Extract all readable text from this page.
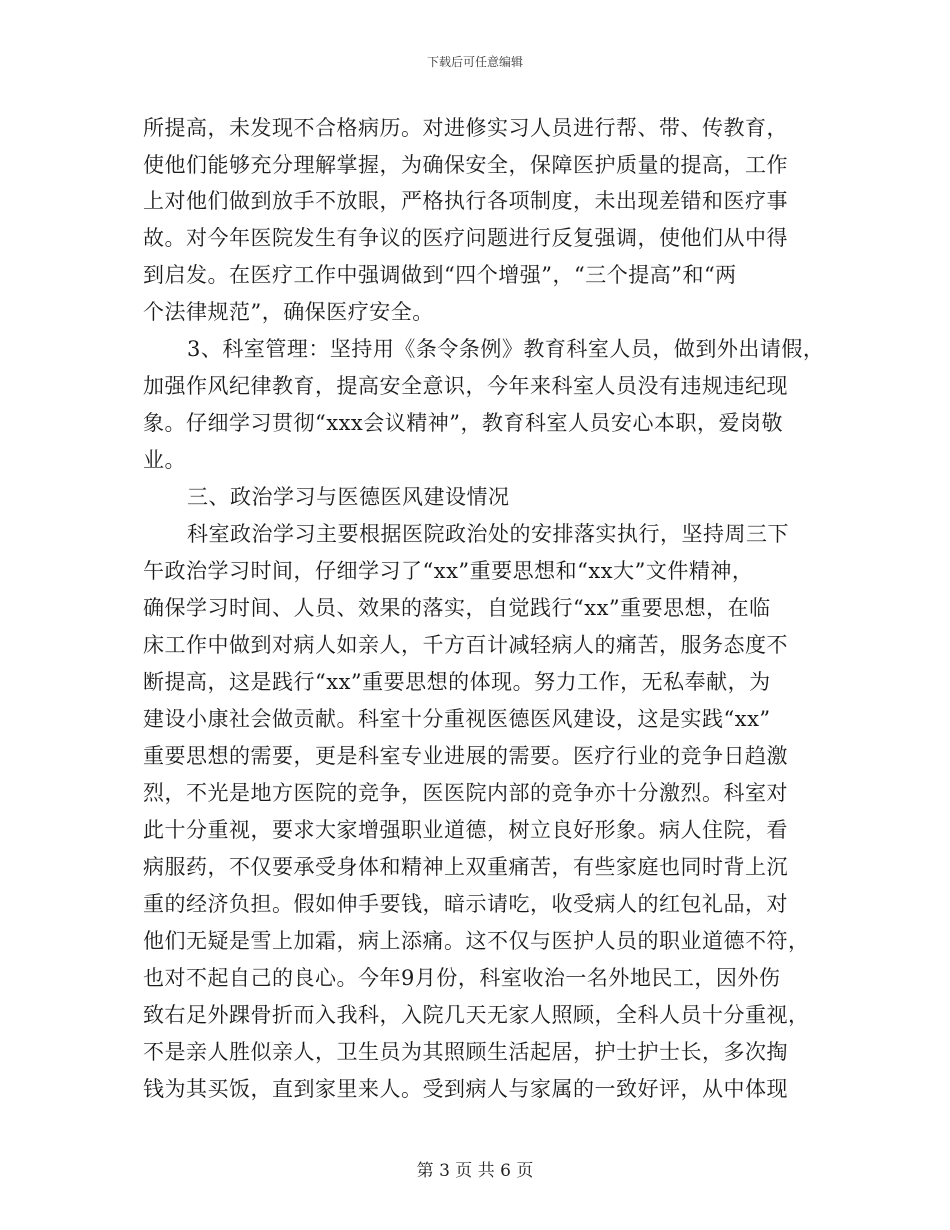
下载后可任意编辑
所提高，未发现不合格病历。对进修实习人员进行帮、带、传教育，
使他们能够充分理解掌握，为确保安全，保障医护质量的提高，工作
上对他们做到放手不放眼，严格执行各项制度，未出现差错和医疗事
故。对今年医院发生有争议的医疗问题进行反复强调，使他们从中得
到启发。在医疗工作中强调做到“四个增强”，“三个提高”和“两
个法律规范”，确保医疗安全。
3、科室管理：坚持用《条令条例》教育科室人员，做到外出请假，
加强作风纪律教育，提高安全意识，今年来科室人员没有违规违纪现
象。仔细学习贯彻“xxx会议精神”，教育科室人员安心本职，爱岗敬
业。
三、政治学习与医德医风建设情况
科室政治学习主要根据医院政治处的安排落实执行，坚持周三下
午政治学习时间，仔细学习了“xx”重要思想和“xx大”文件精神，
确保学习时间、人员、效果的落实，自觉践行“xx”重要思想，在临
床工作中做到对病人如亲人，千方百计减轻病人的痛苦，服务态度不
断提高，这是践行“xx”重要思想的体现。努力工作，无私奉献，为
建设小康社会做贡献。科室十分重视医德医风建设，这是实践“xx”
重要思想的需要，更是科室专业进展的需要。医疗行业的竞争日趋激
烈，不光是地方医院的竞争，医医院内部的竞争亦十分激烈。科室对
此十分重视，要求大家增强职业道德，树立良好形象。病人住院，看
病服药，不仅要承受身体和精神上双重痛苦，有些家庭也同时背上沉
重的经济负担。假如伸手要钱，暗示请吃，收受病人的红包礼品，对
他们无疑是雪上加霜，病上添痛。这不仅与医护人员的职业道德不符，
也对不起自己的良心。今年9月份，科室收治一名外地民工，因外伤
致右足外踝骨折而入我科，入院几天无家人照顾，全科人员十分重视，
不是亲人胜似亲人，卫生员为其照顾生活起居，护士护士长，多次掏
钱为其买饭，直到家里来人。受到病人与家属的一致好评，从中体现
第 3 页 共 6 页
